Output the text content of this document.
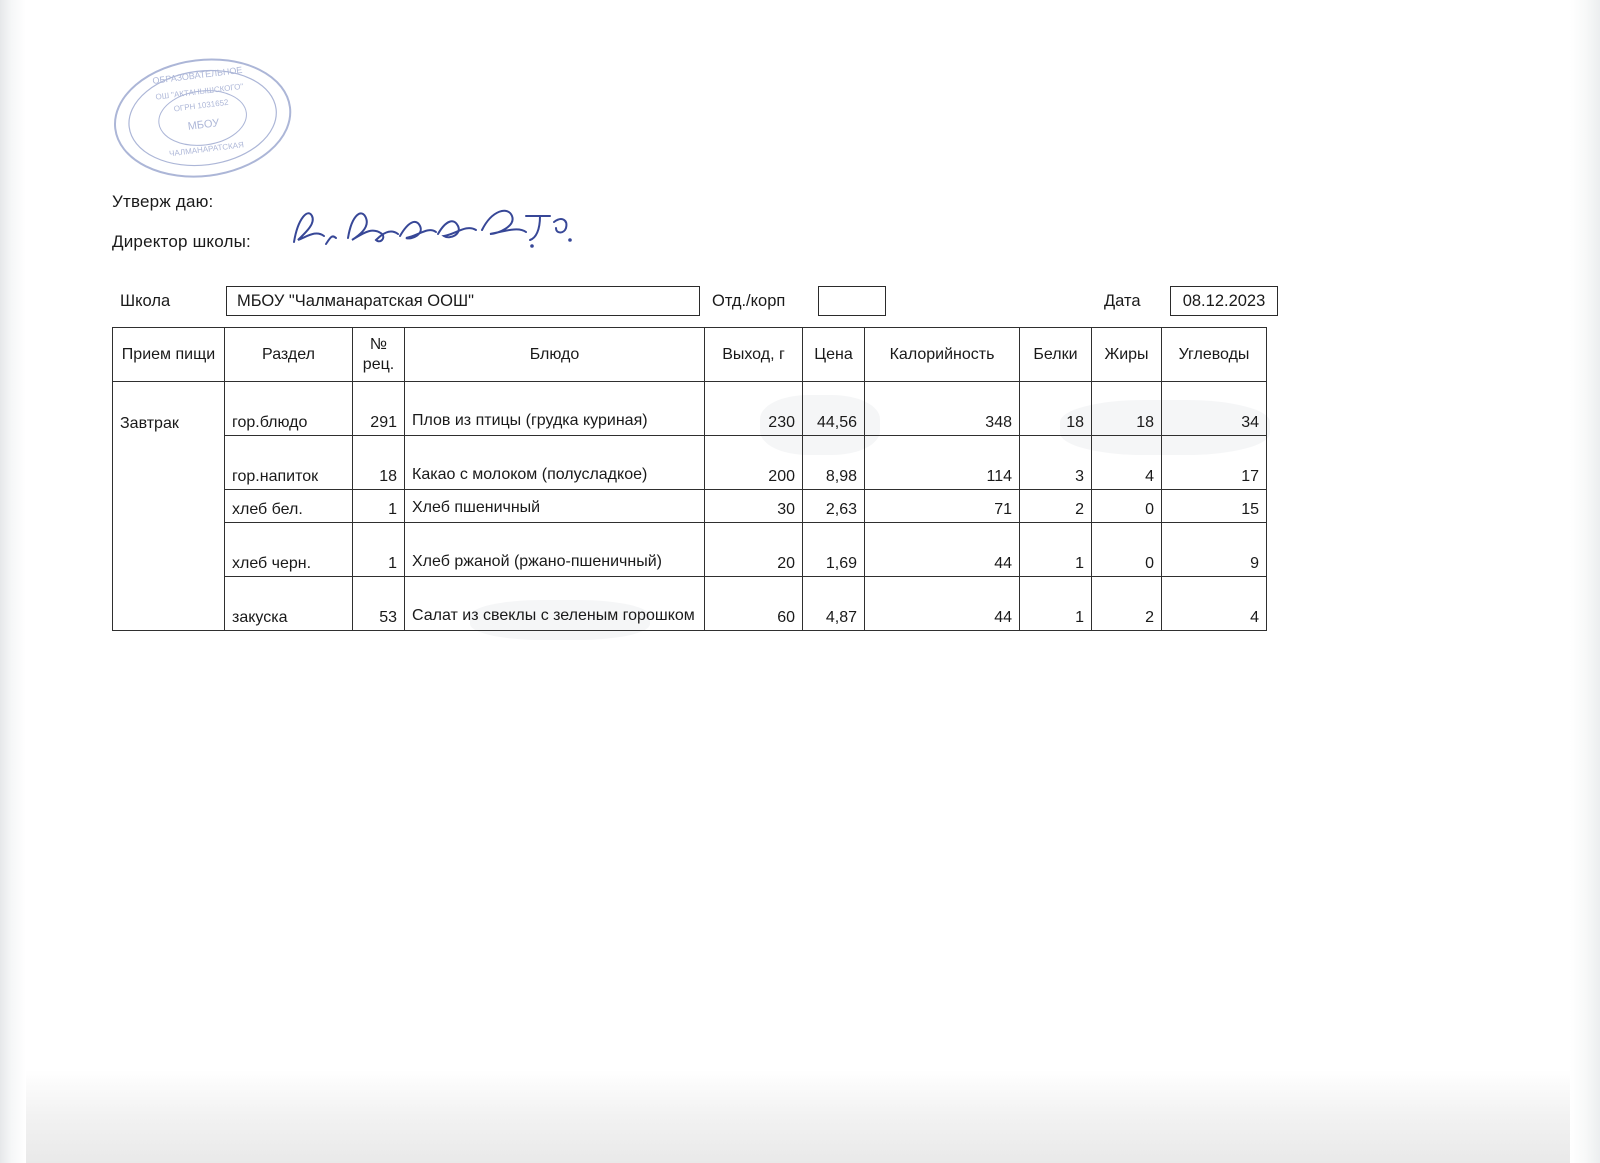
ОБРАЗОВАТЕЛЬНОЕ
ОШ "АКТАНЫШСКОГО"
ОГРН 1031652
МБОУ
ЧАЛМАНАРАТСКАЯ
Утверж даю:
Директор школы:
Школа	МБОУ "Чалманаратская ООШ"	Отд./корп	Дата	08.12.2023
Прием пищи	Раздел	№ рец.	Блюдо	Выход, г	Цена	Калорийность	Белки	Жиры	Углеводы
Завтрак	гор.блюдо	291	Плов из птицы (грудка куриная)	230	44,56	348	18	18	34
	гор.напиток	18	Какао с молоком (полусладкое)	200	8,98	114	3	4	17
	хлеб бел.	1	Хлеб пшеничный	30	2,63	71	2	0	15
	хлеб черн.	1	Хлеб ржаной (ржано-пшеничный)	20	1,69	44	1	0	9
	закуска	53	Салат из свеклы с зеленым горошком	60	4,87	44	1	2	4
